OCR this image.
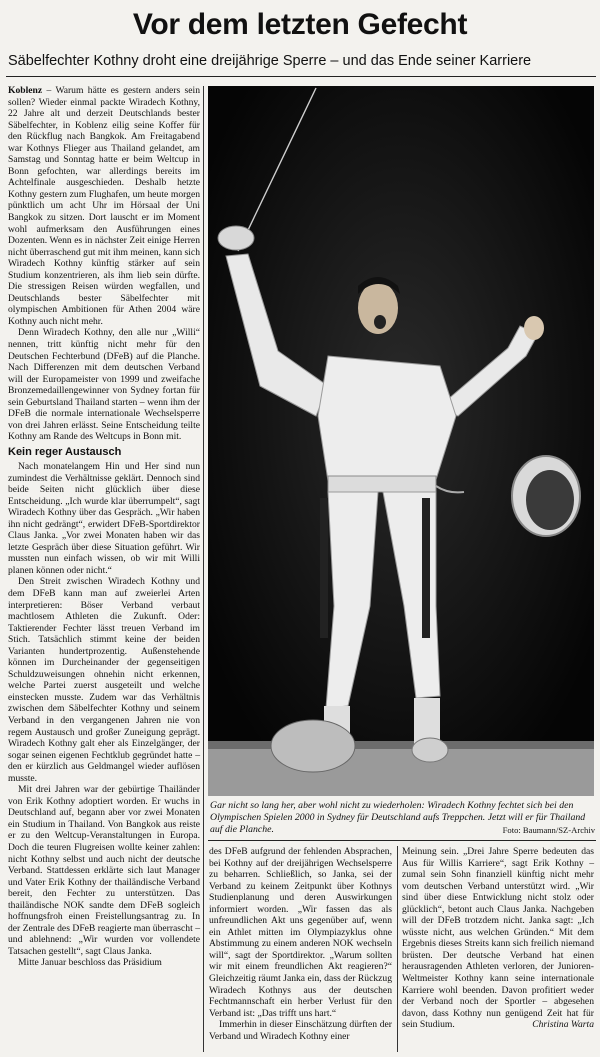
Vor dem letzten Gefecht
Säbelfechter Kothny droht eine dreijährige Sperre – und das Ende seiner Karriere

Koblenz – Warum hätte es gestern anders sein sollen? Wieder einmal packte Wiradech Kothny, 22 Jahre alt und derzeit Deutschlands bester Säbelfechter, in Koblenz eilig seine Koffer für den Rückflug nach Bangkok. Am Freitagabend war Kothnys Flieger aus Thailand gelandet, am Samstag und Sonntag hatte er beim Weltcup in Bonn gefochten, war allerdings bereits im Achtelfinale ausgeschieden. Deshalb hetzte Kothny gestern zum Flughafen, um heute morgen pünktlich um acht Uhr im Hörsaal der Uni Bangkok zu sitzen. Dort lauscht er im Moment wohl aufmerksam den Ausführungen eines Dozenten. Wenn es in nächster Zeit einige Herren nicht überraschend gut mit ihm meinen, kann sich Wiradech Kothny künftig stärker auf sein Studium konzentrieren, als ihm lieb sein dürfte. Die stressigen Reisen würden wegfallen, und Deutschlands bester Säbelfechter mit olympischen Ambitionen für Athen 2004 wäre Kothny auch nicht mehr.

Denn Wiradech Kothny, den alle nur „Willi“ nennen, tritt künftig nicht mehr für den Deutschen Fechterbund (DFeB) auf die Planche. Nach Differenzen mit dem deutschen Verband will der Europameister von 1999 und zweifache Bronzemedaillengewinner von Sydney fortan für sein Geburtsland Thailand starten – wenn ihm der DFeB die normale internationale Wechselsperre von drei Jahren erlässt. Seine Entscheidung teilte Kothny am Rande des Weltcups in Bonn mit.

Kein reger Austausch

Nach monatelangem Hin und Her sind nun zumindest die Verhältnisse geklärt. Dennoch sind beide Seiten nicht glücklich über diese Entscheidung. „Ich wurde klar überrumpelt“, sagt Wiradech Kothny über das Gespräch. „Wir haben ihn nicht gedrängt“, erwidert DFeB-Sportdirektor Claus Janka. „Vor zwei Monaten haben wir das letzte Gespräch über diese Situation geführt. Wir mussten nun einfach wissen, ob wir mit Willi planen können oder nicht.“

Den Streit zwischen Wiradech Kothny und dem DFeB kann man auf zweierlei Arten interpretieren: Böser Verband verbaut machtlosem Athleten die Zukunft. Oder: Taktierender Fechter lässt treuen Verband im Stich. Tatsächlich stimmt keine der beiden Varianten hundertprozentig. Außenstehende können im Durcheinander der gegenseitigen Schuldzuweisungen ohnehin nicht erkennen, welche Partei zuerst ausgeteilt und welche einstecken musste. Zudem war das Verhältnis zwischen dem Säbelfechter Kothny und seinem Verband in den vergangenen Jahren nie von regem Austausch und großer Zuneigung geprägt. Wiradech Kothny galt eher als Einzelgänger, der sogar seinen eigenen Fechtklub gegründet hatte – den er kürzlich aus Geldmangel wieder auflösen musste.

Mit drei Jahren war der gebürtige Thailänder von Erik Kothny adoptiert worden. Er wuchs in Deutschland auf, begann aber vor zwei Monaten ein Studium in Thailand. Von Bangkok aus reiste er zu den Weltcup-Veranstaltungen in Europa. Doch die teuren Flugreisen wollte keiner zahlen: nicht Kothny selbst und auch nicht der deutsche Verband. Stattdessen erklärte sich laut Manager und Vater Erik Kothny der thailändische Verband bereit, den Fechter zu unterstützen. Das thailändische NOK sandte dem DFeB sogleich hoffnungsfroh einen Freistellungsantrag zu. In der Zentrale des DFeB reagierte man überrascht – und ablehnend: „Wir wurden vor vollendete Tatsachen gestellt“, sagt Claus Janka.

Mitte Januar beschloss das Präsidium

Gar nicht so lang her, aber wohl nicht zu wiederholen: Wiradech Kothny fechtet sich bei den Olympischen Spielen 2000 in Sydney für Deutschland aufs Treppchen. Jetzt will er für Thailand auf die Planche.	Foto: Baumann/SZ-Archiv

des DFeB aufgrund der fehlenden Absprachen, bei Kothny auf der dreijährigen Wechselsperre zu beharren. Schließlich, so Janka, sei der Verband zu keinem Zeitpunkt über Kothnys Studienplanung und deren Auswirkungen informiert worden. „Wir fassen das als unfreundlichen Akt uns gegenüber auf, wenn ein Athlet mitten im Olympiazyklus ohne Abstimmung zu einem anderen NOK wechseln will“, sagt der Sportdirektor. „Warum sollten wir mit einem freundlichen Akt reagieren?“ Gleichzeitig räumt Janka ein, dass der Rückzug Wiradech Kothnys aus der deutschen Fechtmannschaft ein herber Verlust für den Verband ist: „Das trifft uns hart.“

Immerhin in dieser Einschätzung dürften der Verband und Wiradech Kothny einer

Meinung sein. „Drei Jahre Sperre bedeuten das Aus für Willis Karriere“, sagt Erik Kothny – zumal sein Sohn finanziell künftig nicht mehr vom deutschen Verband unterstützt wird. „Wir sind über diese Entwicklung nicht stolz oder glücklich“, betont auch Claus Janka. Nachgeben will der DFeB trotzdem nicht. Janka sagt: „Ich wüsste nicht, aus welchen Gründen.“ Mit dem Ergebnis dieses Streits kann sich freilich niemand brüsten. Der deutsche Verband hat einen herausragenden Athleten verloren, der Junioren-Weltmeister Kothny kann seine internationale Karriere wohl beenden. Davon profitiert weder der Verband noch der Sportler – abgesehen davon, dass Kothny nun genügend Zeit hat für sein Studium.	Christina Warta
